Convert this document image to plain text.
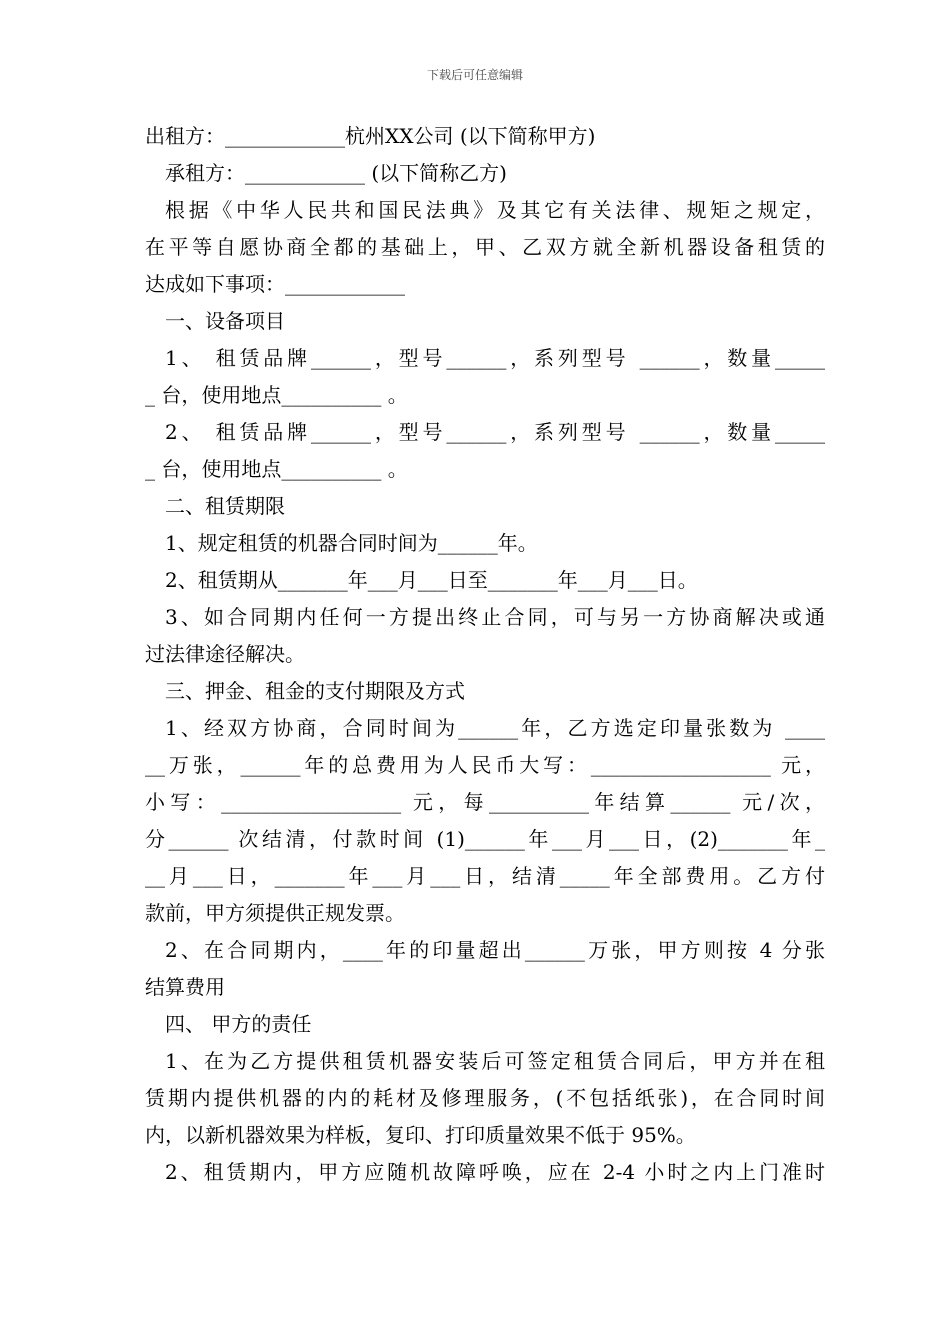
下载后可任意编辑

出租方：____________杭州XX公司 (以下简称甲方)

承租方：____________ (以下简称乙方)

根据《中华人民共和国民法典》及其它有关法律、规矩之规定，

在平等自愿协商全都的基础上，甲、乙双方就全新机器设备租赁的

达成如下事项：____________

一、设备项目

1、 租赁品牌______，型号______，系列型号 ______，数量_____

_ 台，使用地点__________ 。

2、 租赁品牌______，型号______，系列型号 ______，数量_____

_ 台，使用地点__________ 。

二、租赁期限

1、规定租赁的机器合同时间为______年。

2、租赁期从_______年___月___日至_______年___月___日。

3、如合同期内任何一方提出终止合同，可与另一方协商解决或通

过法律途径解决。

三、押金、租金的支付期限及方式

1、经双方协商，合同时间为______年，乙方选定印量张数为 ____

__万张，______年的总费用为人民币大写：__________________ 元，

小写：__________________ 元，每__________年结算______ 元/次，

分______ 次结清，付款时间 (1)______年___月___日，(2)_______年_

__月___日，_______年___月___日，结清_____年全部费用。乙方付

款前，甲方须提供正规发票。

2、在合同期内，____年的印量超出______万张，甲方则按 4 分张

结算费用

四、 甲方的责任

1、在为乙方提供租赁机器安装后可签定租赁合同后，甲方并在租

赁期内提供机器的内的耗材及修理服务，(不包括纸张)，在合同时间

内，以新机器效果为样板，复印、打印质量效果不低于 95%。

2、租赁期内，甲方应随机故障呼唤，应在 2-4 小时之内上门准时
